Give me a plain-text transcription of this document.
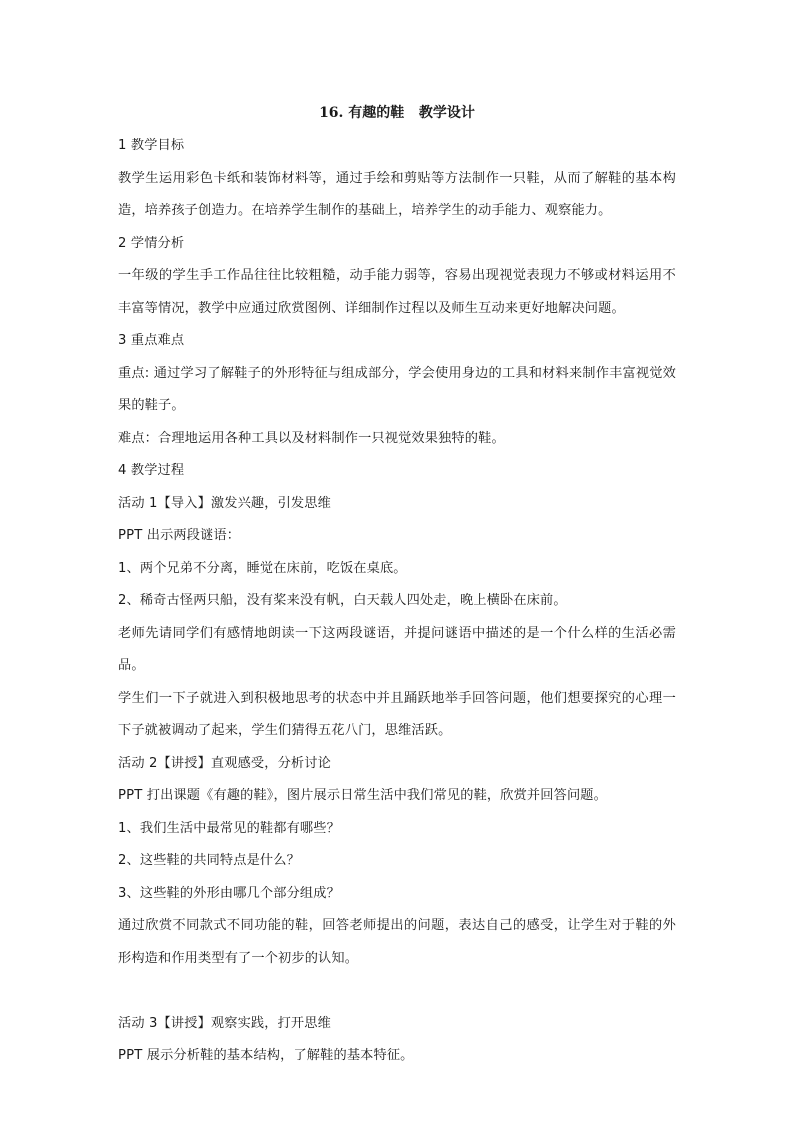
16. 有趣的鞋   教学设计

1 教学目标

教学生运用彩色卡纸和装饰材料等，通过手绘和剪贴等方法制作一只鞋，从而了解鞋的基本构造，培养孩子创造力。在培养学生制作的基础上，培养学生的动手能力、观察能力。

2 学情分析

一年级的学生手工作品往往比较粗糙，动手能力弱等，容易出现视觉表现力不够或材料运用不丰富等情况，教学中应通过欣赏图例、详细制作过程以及师生互动来更好地解决问题。

3 重点难点

重点: 通过学习了解鞋子的外形特征与组成部分，学会使用身边的工具和材料来制作丰富视觉效果的鞋子。

难点：合理地运用各种工具以及材料制作一只视觉效果独特的鞋。

4 教学过程

活动 1【导入】激发兴趣，引发思维

PPT 出示两段谜语：

1、两个兄弟不分离，睡觉在床前，吃饭在桌底。

2、稀奇古怪两只船，没有桨来没有帆，白天载人四处走，晚上横卧在床前。

老师先请同学们有感情地朗读一下这两段谜语，并提问谜语中描述的是一个什么样的生活必需品。

学生们一下子就进入到积极地思考的状态中并且踊跃地举手回答问题，他们想要探究的心理一下子就被调动了起来，学生们猜得五花八门，思维活跃。

活动 2【讲授】直观感受，分析讨论

PPT 打出课题《有趣的鞋》，图片展示日常生活中我们常见的鞋，欣赏并回答问题。

1、我们生活中最常见的鞋都有哪些？

2、这些鞋的共同特点是什么？

3、这些鞋的外形由哪几个部分组成？

通过欣赏不同款式不同功能的鞋，回答老师提出的问题，表达自己的感受，让学生对于鞋的外形构造和作用类型有了一个初步的认知。

活动 3【讲授】观察实践，打开思维

PPT 展示分析鞋的基本结构，了解鞋的基本特征。
